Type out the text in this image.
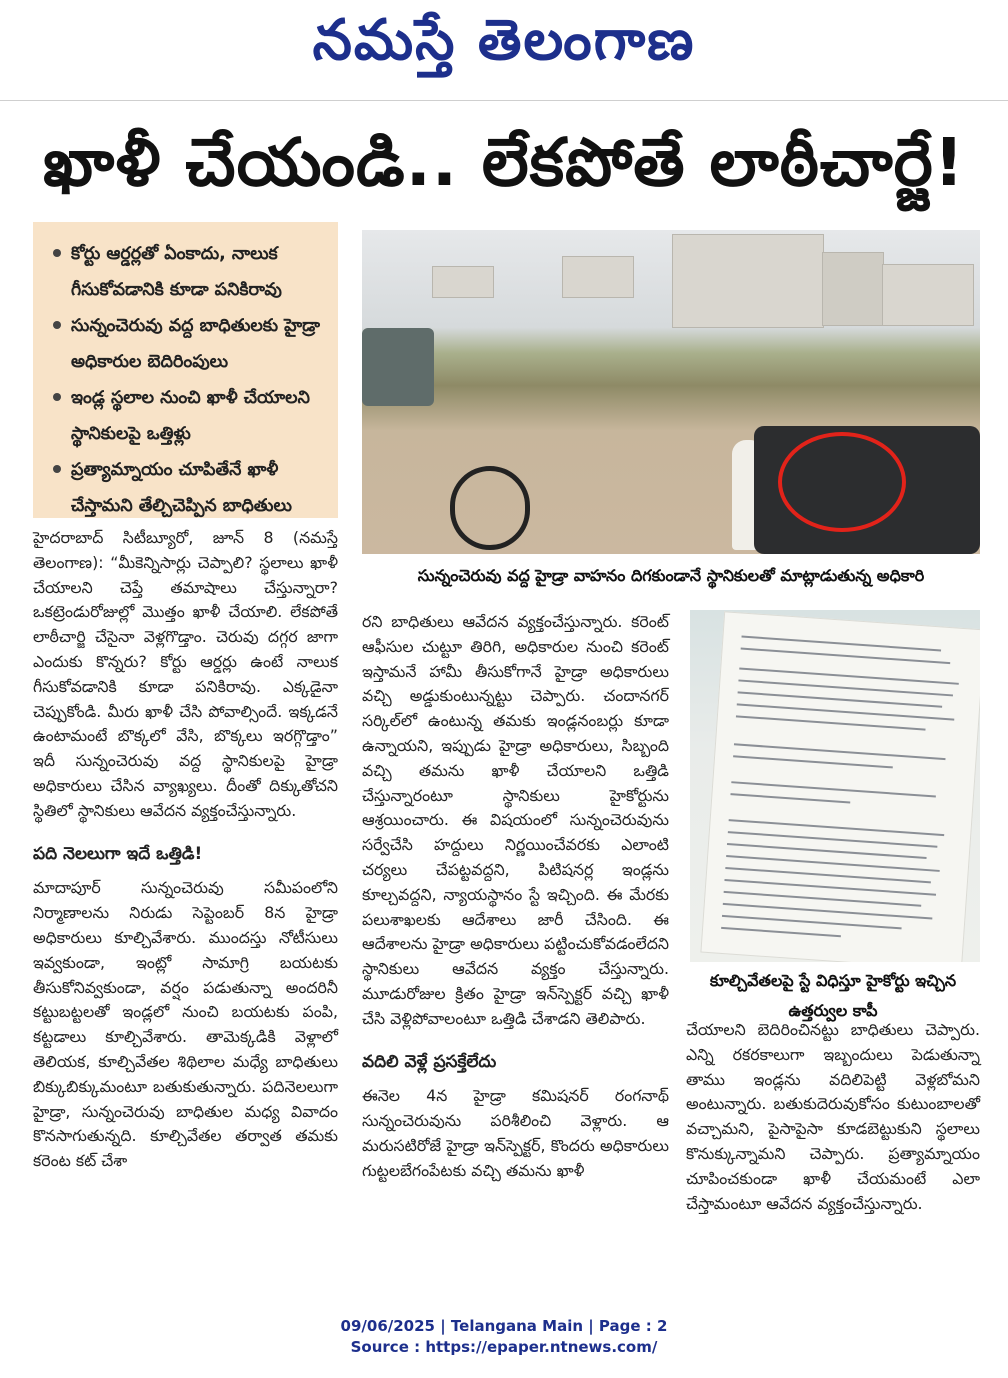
నమస్తే తెలంగాణ
ఖాళీ చేయండి.. లేకపోతే లాఠీచార్జే!
కోర్టు ఆర్డర్లతో ఏంకాదు, నాలుక గీసుకోవడానికి కూడా పనికిరావు
సున్నంచెరువు వద్ద బాధితులకు హైడ్రా అధికారుల బెదిరింపులు
ఇండ్ల స్థలాల నుంచి ఖాళీ చేయాలని స్థానికులపై ఒత్తిళ్లు
ప్రత్యామ్నాయం చూపితేనే ఖాళీ చేస్తామని తేల్చిచెప్పిన బాధితులు
సున్నంచెరువు వద్ద హైడ్రా వాహనం దిగకుండానే స్థానికులతో మాట్లాడుతున్న అధికారి

హైదరాబాద్ సిటీబ్యూరో, జూన్ 8 (నమస్తే తెలంగాణ): “మీకెన్నిసార్లు చెప్పాలి? స్థలాలు ఖాళీ చేయాలని చెప్తే తమాషాలు చేస్తున్నారా? ఒకట్రెండురోజుల్లో మొత్తం ఖాళీ చేయాలి. లేకపోతే లాఠీచార్జి చేసైనా వెళ్లగొడ్తాం. చెరువు దగ్గర జాగా ఎందుకు కొన్నరు? కోర్టు ఆర్డర్లు ఉంటే నాలుక గీసుకోవడానికి కూడా పనికిరావు. ఎక్కడైనా చెప్పుకోండి. మీరు ఖాళీ చేసి పోవాల్సిందే. ఇక్కడనే ఉంటామంటే బొక్కలో వేసి, బొక్కలు ఇరగ్గొడ్తాం” ఇదీ సున్నంచెరువు వద్ద స్థానికులపై హైడ్రా అధికారులు చేసిన వ్యాఖ్యలు. దీంతో దిక్కుతోచని స్థితిలో స్థానికులు ఆవేదన వ్యక్తంచేస్తున్నారు.

పది నెలలుగా ఇదే ఒత్తిడి!

మాదాపూర్ సున్నంచెరువు సమీపంలోని నిర్మాణాలను నిరుడు సెప్టెంబర్ 8న హైడ్రా అధికారులు కూల్చివేశారు. ముందస్తు నోటీసులు ఇవ్వకుండా, ఇంట్లో సామాగ్రి బయటకు తీసుకోనివ్వకుండా, వర్షం పడుతున్నా అందరినీ కట్టుబట్టలతో ఇండ్లలో నుంచి బయటకు పంపి, కట్టడాలు కూల్చివేశారు. తామెక్కడికి వెళ్లాలో తెలియక, కూల్చివేతల శిథిలాల మధ్యే బాధితులు బిక్కుబిక్కుమంటూ బతుకుతున్నారు. పదినెలలుగా హైడ్రా, సున్నంచెరువు బాధితుల మధ్య వివాదం కొనసాగుతున్నది. కూల్చివేతల తర్వాత తమకు కరెంట కట్ చేశా

రని బాధితులు ఆవేదన వ్యక్తంచేస్తున్నారు. కరెంట్ ఆఫీసుల చుట్టూ తిరిగి, అధికారుల నుంచి కరెంట్ ఇస్తామనే హామీ తీసుకోగానే హైడ్రా అధికారులు వచ్చి అడ్డుకుంటున్నట్టు చెప్పారు. చందానగర్ సర్కిల్‌లో ఉంటున్న తమకు ఇండ్లనంబర్లు కూడా ఉన్నాయని, ఇప్పుడు హైడ్రా అధికారులు, సిబ్బంది వచ్చి తమను ఖాళీ చేయాలని ఒత్తిడి చేస్తున్నారంటూ స్థానికులు హైకోర్టును ఆశ్రయించారు. ఈ విషయంలో సున్నంచెరువును సర్వేచేసి హద్దులు నిర్ణయించేవరకు ఎలాంటి చర్యలు చేపట్టవద్దని, పిటిషనర్ల ఇండ్లను కూల్చవద్దని, న్యాయస్థానం స్టే ఇచ్చింది. ఈ మేరకు పలుశాఖలకు ఆదేశాలు జారీ చేసింది. ఈ ఆదేశాలను హైడ్రా అధికారులు పట్టించుకోవడంలేదని స్థానికులు ఆవేదన వ్యక్తం చేస్తున్నారు. మూడురోజుల క్రితం హైడ్రా ఇన్‌స్పెక్టర్ వచ్చి ఖాళీ చేసి వెళ్లిపోవాలంటూ ఒత్తిడి చేశాడని తెలిపారు.

వదిలి వెళ్లే ప్రసక్తేలేదు

ఈనెల 4న హైడ్రా కమిషనర్ రంగనాథ్ సున్నంచెరువును పరిశీలించి వెళ్లారు. ఆ మరుసటిరోజే హైడ్రా ఇన్‌స్పెక్టర్, కొందరు అధికారులు గుట్టలబేగంపేటకు వచ్చి తమను ఖాళీ

కూల్చివేతలపై స్టే విధిస్తూ హైకోర్టు ఇచ్చిన ఉత్తర్వుల కాపీ

చేయాలని బెదిరించినట్టు బాధితులు చెప్పారు. ఎన్ని రకరకాలుగా ఇబ్బందులు పెడుతున్నా తాము ఇండ్లను వదిలిపెట్టి వెళ్లబోమని అంటున్నారు. బతుకుదెరువుకోసం కుటుంబాలతో వచ్చామని, పైసాపైసా కూడబెట్టుకుని స్థలాలు కొనుక్కున్నామని చెప్పారు. ప్రత్యామ్నాయం చూపించకుండా ఖాళీ చేయమంటే ఎలా చేస్తామంటూ ఆవేదన వ్యక్తంచేస్తున్నారు.

09/06/2025 | Telangana Main | Page : 2
Source : https://epaper.ntnews.com/
